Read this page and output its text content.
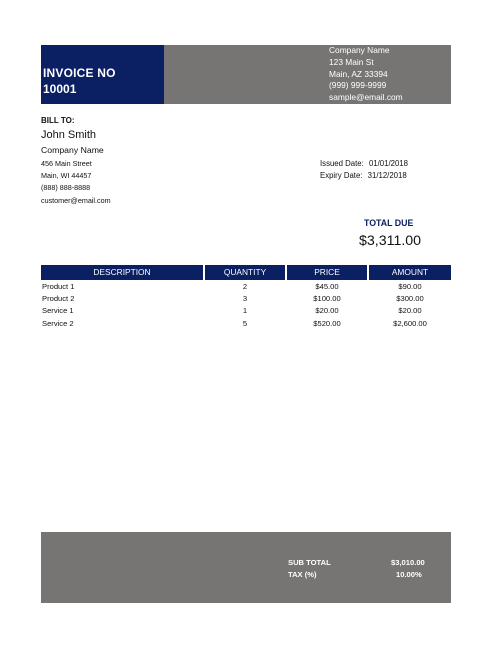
INVOICE NO
10001
Company Name
123 Main St
Main, AZ 33394
(999) 999-9999
sample@email.com
BILL TO:
John Smith
Company Name
456 Main Street
Main, WI 44457
(888) 888-8888
customer@email.com
Issued Date: 01/01/2018
Expiry Date: 31/12/2018
TOTAL DUE
$3,311.00
DESCRIPTION	QUANTITY	PRICE	AMOUNT
Product 1	2	$45.00	$90.00
Product 2	3	$100.00	$300.00
Service 1	1	$20.00	$20.00
Service 2	5	$520.00	$2,600.00
SUB TOTAL	$3,010.00
TAX (%)	10.00%
